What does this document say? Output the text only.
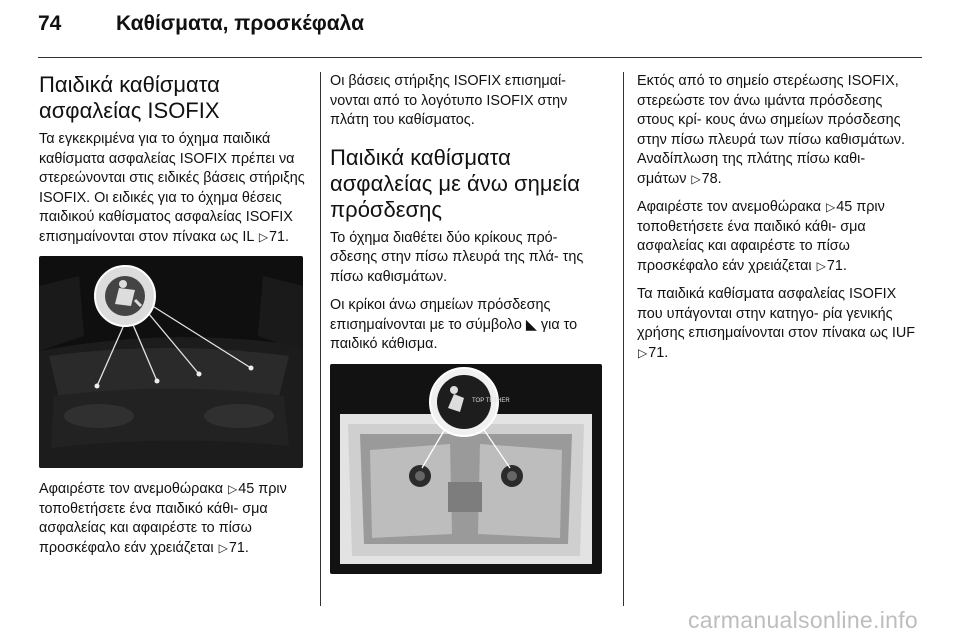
74	Καθίσματα, προσκέφαλα
Παιδικά καθίσματα ασφαλείας ISOFIX

Τα εγκεκριμένα για το όχημα παιδικά καθίσματα ασφαλείας ISOFIX πρέπει να στερεώνονται στις ειδικές βάσεις στήριξης ISOFIX. Οι ειδικές για το όχημα θέσεις παιδικού καθίσματος ασφαλείας ISOFIX επισημαίνονται στον πίνακα ως IL ▷71.

Αφαιρέστε τον ανεμοθώρακα ▷45 πριν τοποθετήσετε ένα παιδικό κάθι- σμα ασφαλείας και αφαιρέστε το πίσω προσκέφαλο εάν χρειάζεται ▷71.

Οι βάσεις στήριξης ISOFIX επισημαί- νονται από το λογότυπο ISOFIX στην πλάτη του καθίσματος.

Παιδικά καθίσματα ασφαλείας με άνω σημεία πρόσδεσης

Το όχημα διαθέτει δύο κρίκους πρό- σδεσης στην πίσω πλευρά της πλά- της πίσω καθισμάτων.

Οι κρίκοι άνω σημείων πρόσδεσης επισημαίνονται με το σύμβολο ◣ για το παιδικό κάθισμα.

TOP TETHER

Εκτός από το σημείο στερέωσης ISOFIX, στερεώστε τον άνω ιμάντα πρόσδεσης στους κρί- κους άνω σημείων πρόσδεσης στην πίσω πλευρά των πίσω καθισμάτων. Αναδίπλωση της πλάτης πίσω καθι- σμάτων ▷78.

Αφαιρέστε τον ανεμοθώρακα ▷45 πριν τοποθετήσετε ένα παιδικό κάθι- σμα ασφαλείας και αφαιρέστε το πίσω προσκέφαλο εάν χρειάζεται ▷71.

Τα παιδικά καθίσματα ασφαλείας ISOFIX που υπάγονται στην κατηγο- ρία γενικής χρήσης επισημαίνονται στον πίνακα ως IUF ▷71.

carmanualsonline.info
